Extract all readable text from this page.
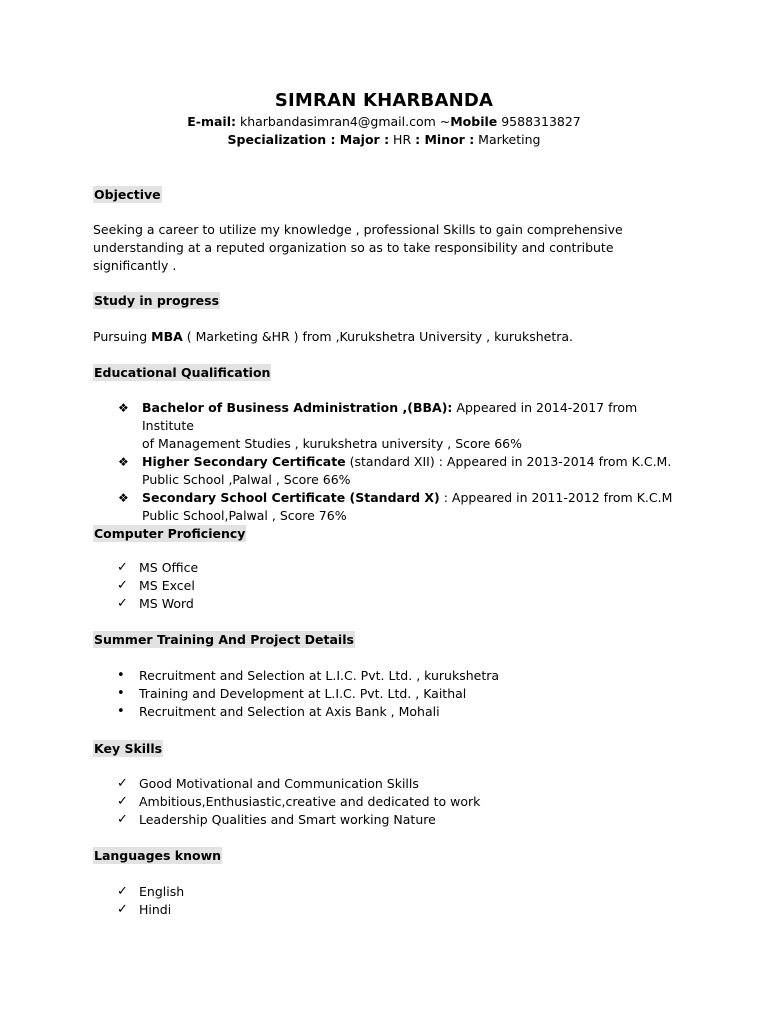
SIMRAN KHARBANDA
E-mail: kharbandasimran4@gmail.com ~Mobile 9588313827
Specialization : Major : HR : Minor : Marketing
Objective
Seeking a career to utilize my knowledge , professional Skills to gain comprehensive
understanding at a reputed organization so as to take responsibility and contribute
significantly .
Study in progress
Pursuing MBA ( Marketing &HR ) from ,Kurukshetra University , kurukshetra.
Educational Qualification
❖ Bachelor of Business Administration ,(BBA): Appeared in 2014-2017 from Institute
of Management Studies , kurukshetra university , Score 66%
❖ Higher Secondary Certificate (standard XII) : Appeared in 2013-2014 from K.C.M.
Public School ,Palwal , Score 66%
❖ Secondary School Certificate (Standard X) : Appeared in 2011-2012 from K.C.M
Public School,Palwal , Score 76%
Computer Proficiency
✓ MS Office
✓ MS Excel
✓ MS Word
Summer Training And Project Details
• Recruitment and Selection at L.I.C. Pvt. Ltd. , kurukshetra
• Training and Development at L.I.C. Pvt. Ltd. , Kaithal
• Recruitment and Selection at Axis Bank , Mohali
Key Skills
✓ Good Motivational and Communication Skills
✓ Ambitious,Enthusiastic,creative and dedicated to work
✓ Leadership Qualities and Smart working Nature
Languages known
✓ English
✓ Hindi
